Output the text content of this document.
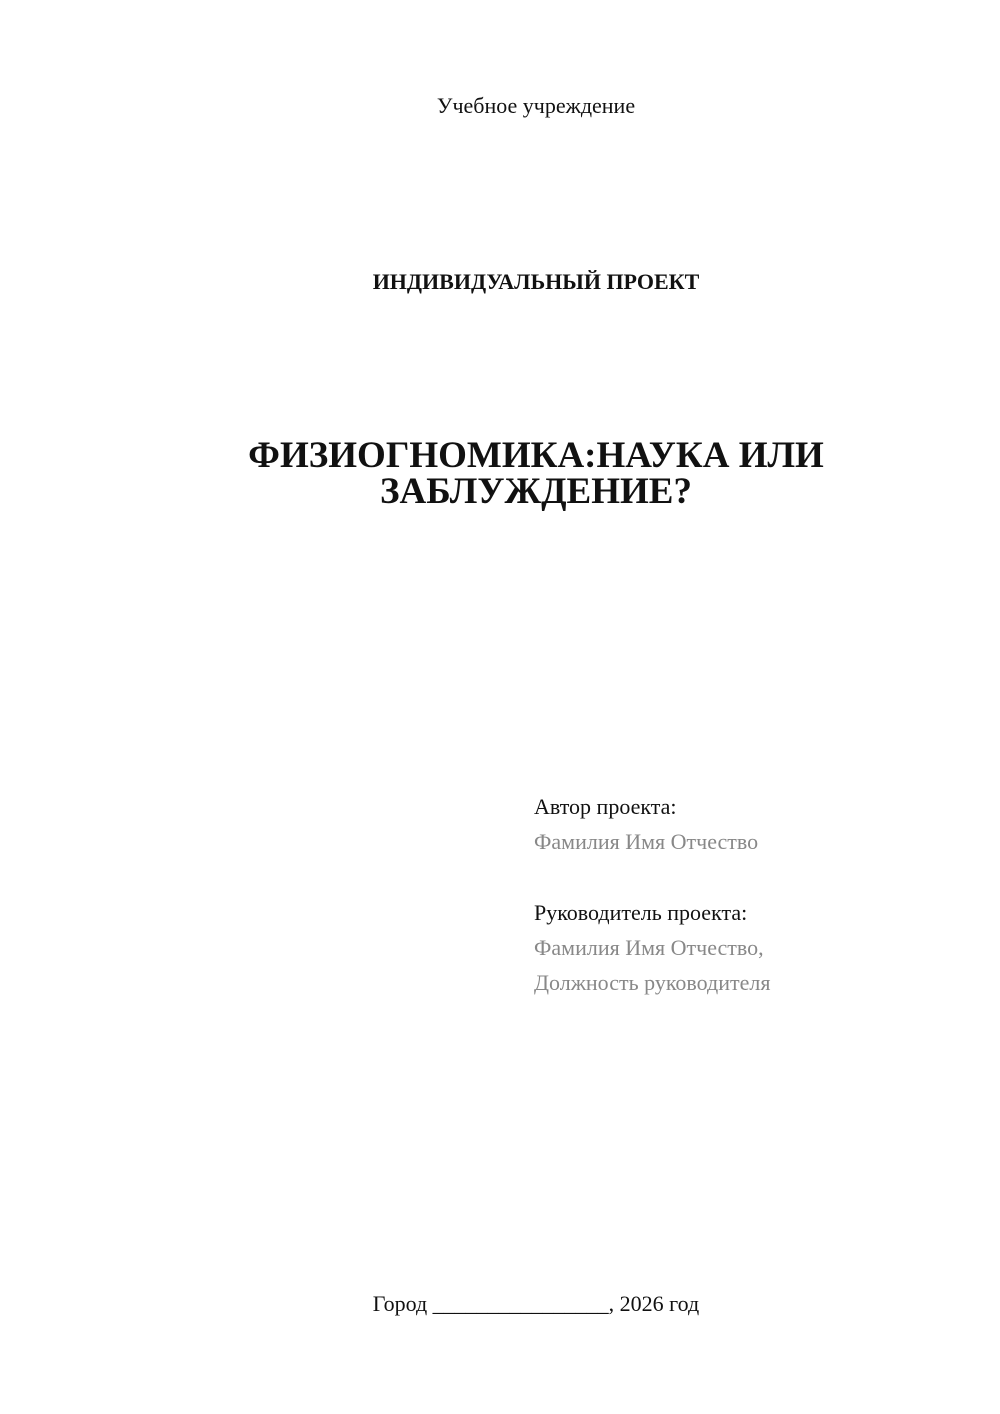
Учебное учреждение
ИНДИВИДУАЛЬНЫЙ ПРОЕКТ
ФИЗИОГНОМИКА:НАУКА ИЛИ
ЗАБЛУЖДЕНИЕ?
Автор проекта:
Фамилия Имя Отчество
Руководитель проекта:
Фамилия Имя Отчество,
Должность руководителя
Город ________________, 2026 год
